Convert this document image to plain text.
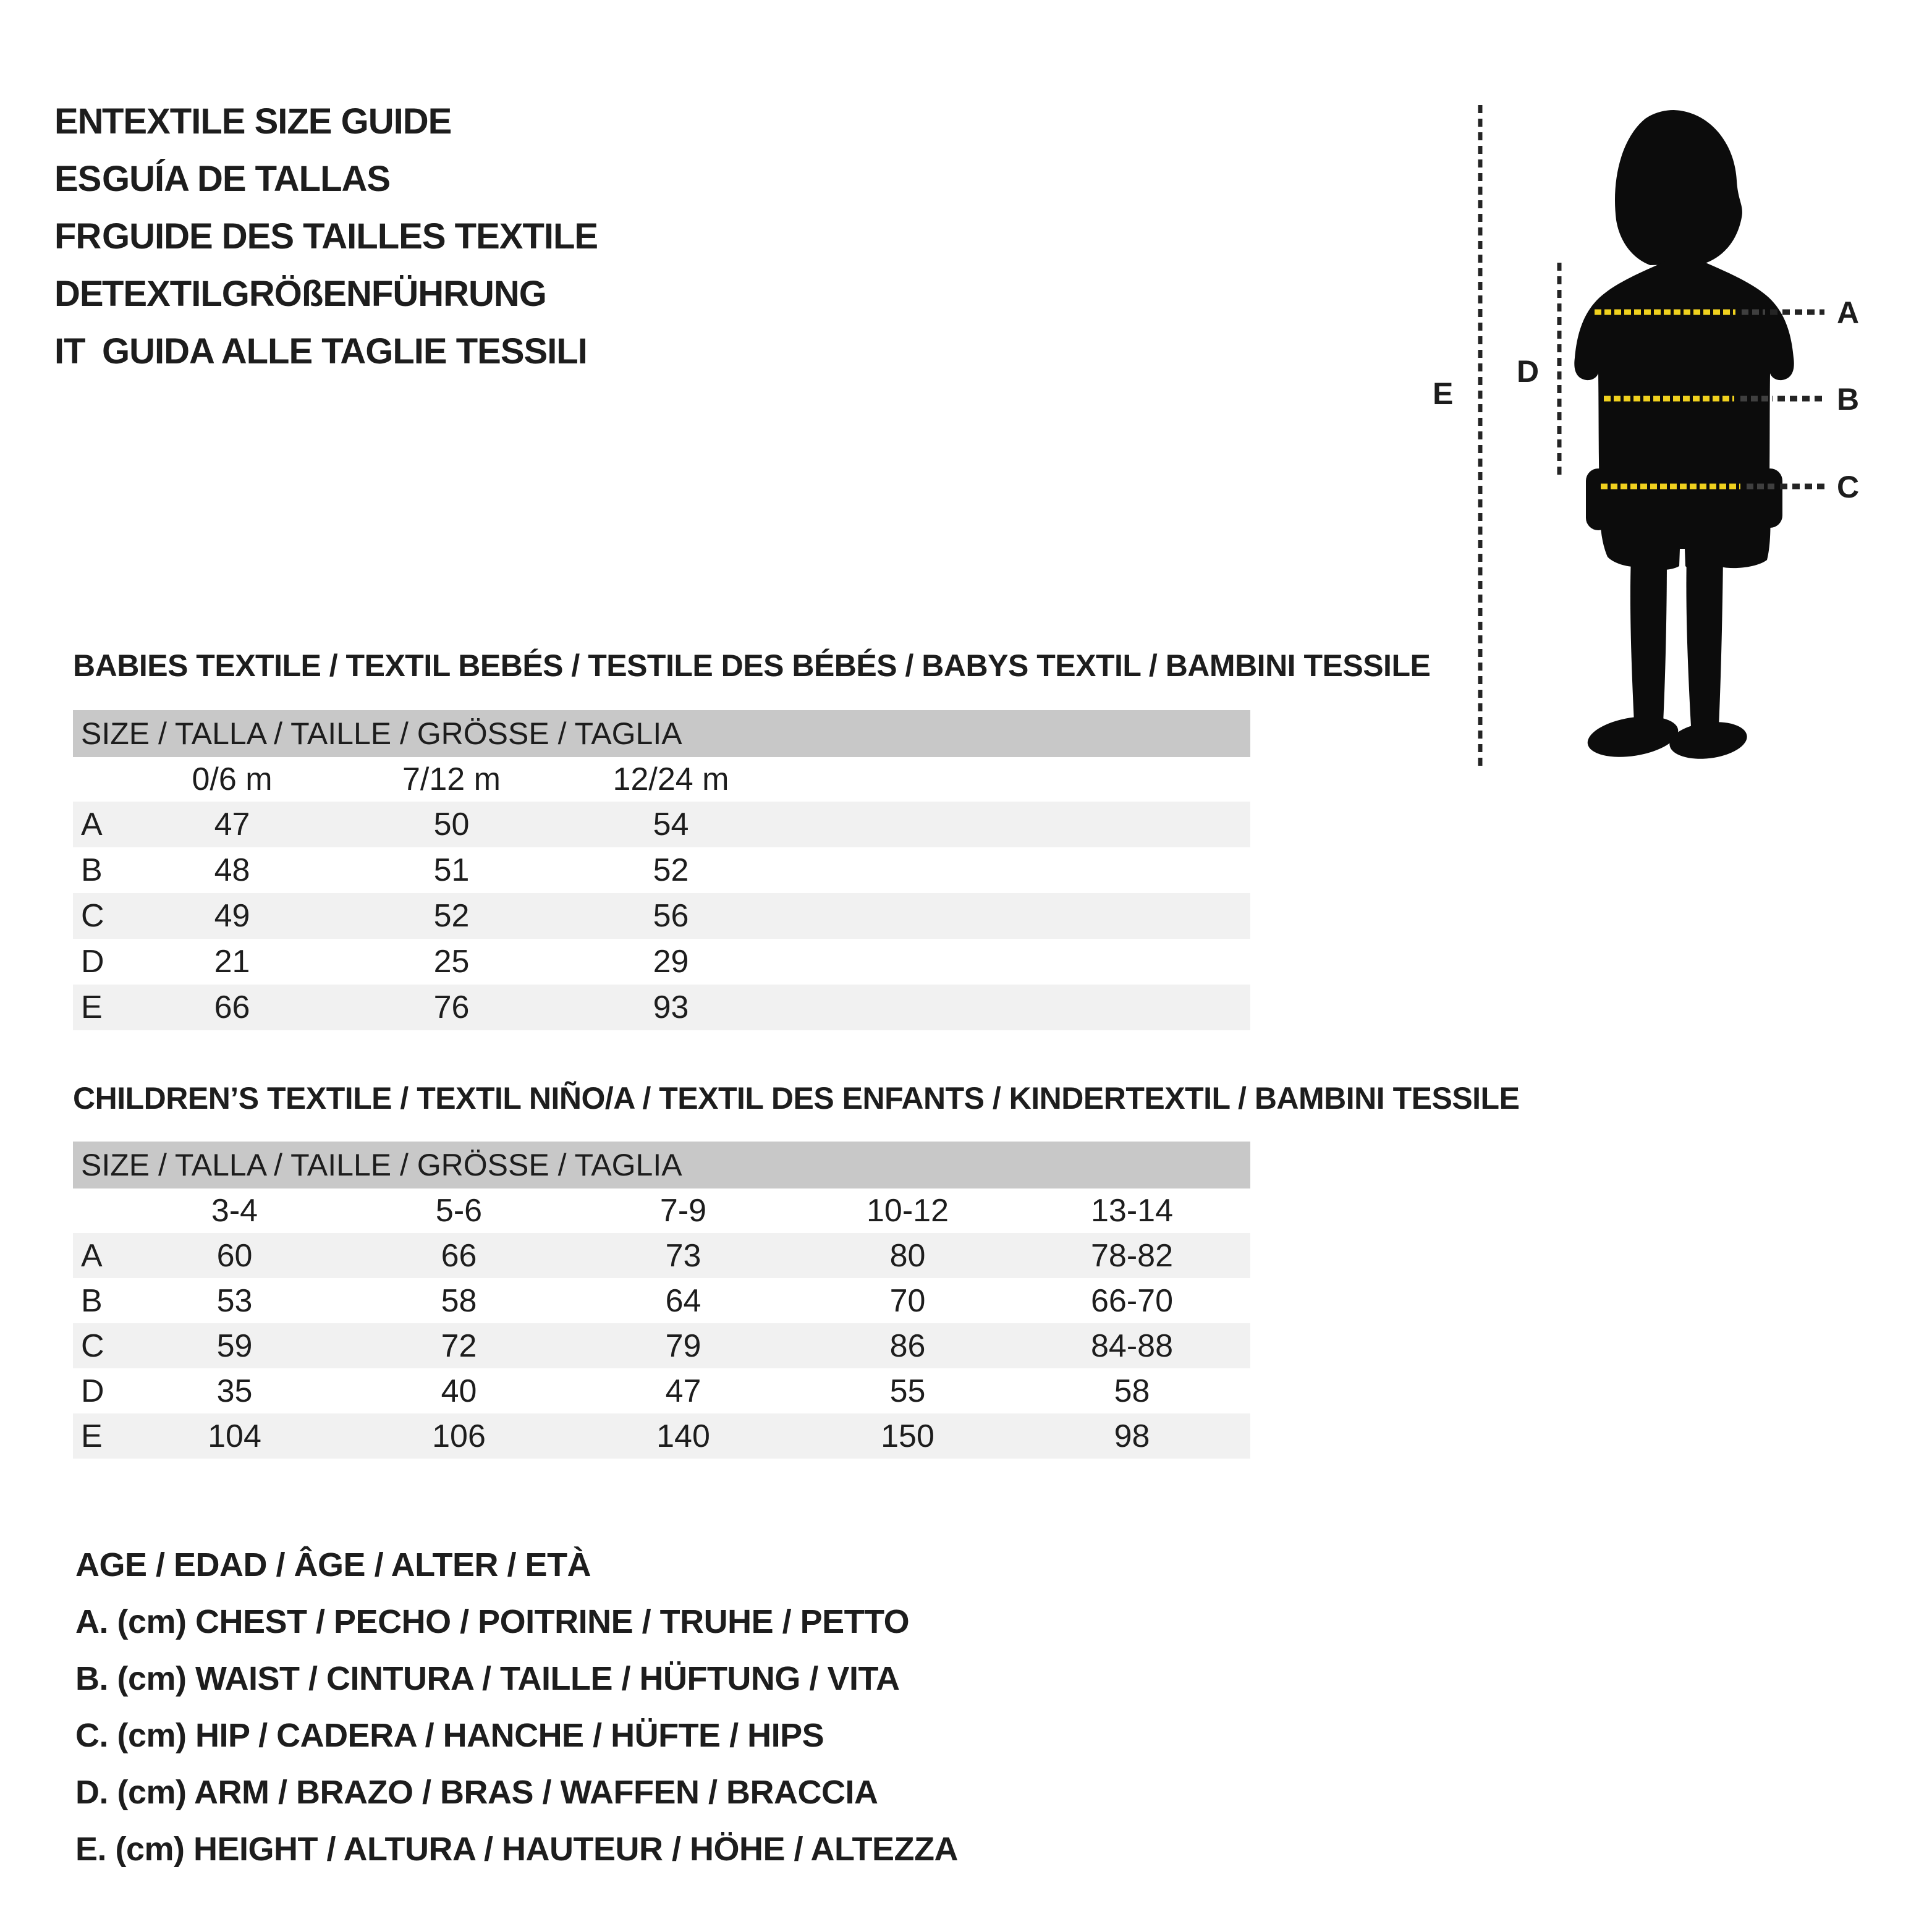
EN
TEXTILE SIZE GUIDE
ES GUÍA DE TALLAS
FR GUIDE DES TAILLES TEXTILE
DE
TEXTILGRÖßENFÜHRUNG
IT GUIDA ALLE TAGLIE TESSILI
A
B
C
D
E
BABIES TEXTILE / TEXTIL BEBÉS / TESTILE DES BÉBÉS / BABYS TEXTIL / BAMBINI TESSILE
SIZE / TALLA / TAILLE / GRÖSSE / TAGLIA				
	0/6 m	7/12 m	12/24 m	
A	47	50	54	
B	48	51	52	
C	49	52	56	
D	21	25	29	
E	66	76	93	
CHILDREN’S TEXTILE / TEXTIL NIÑO/A / TEXTIL DES ENFANTS / KINDERTEXTIL / BAMBINI TESSILE
SIZE / TALLA / TAILLE / GRÖSSE / TAGLIA						
	3-4	5-6	7-9	10-12	13-14	
A	60	66	73	80	78-82	
B	53	58	64	70	66-70	
C	59	72	79	86	84-88	
D	35	40	47	55	58	
E	104	106	140	150	98	
AGE / EDAD / ÂGE / ALTER / ETÀ
A. (cm) CHEST / PECHO / POITRINE / TRUHE / PETTO
B. (cm) WAIST / CINTURA / TAILLE / HÜFTUNG / VITA
C. (cm) HIP / CADERA / HANCHE / HÜFTE / HIPS
D. (cm) ARM / BRAZO / BRAS / WAFFEN / BRACCIA
E. (cm) HEIGHT / ALTURA / HAUTEUR / HÖHE / ALTEZZA
